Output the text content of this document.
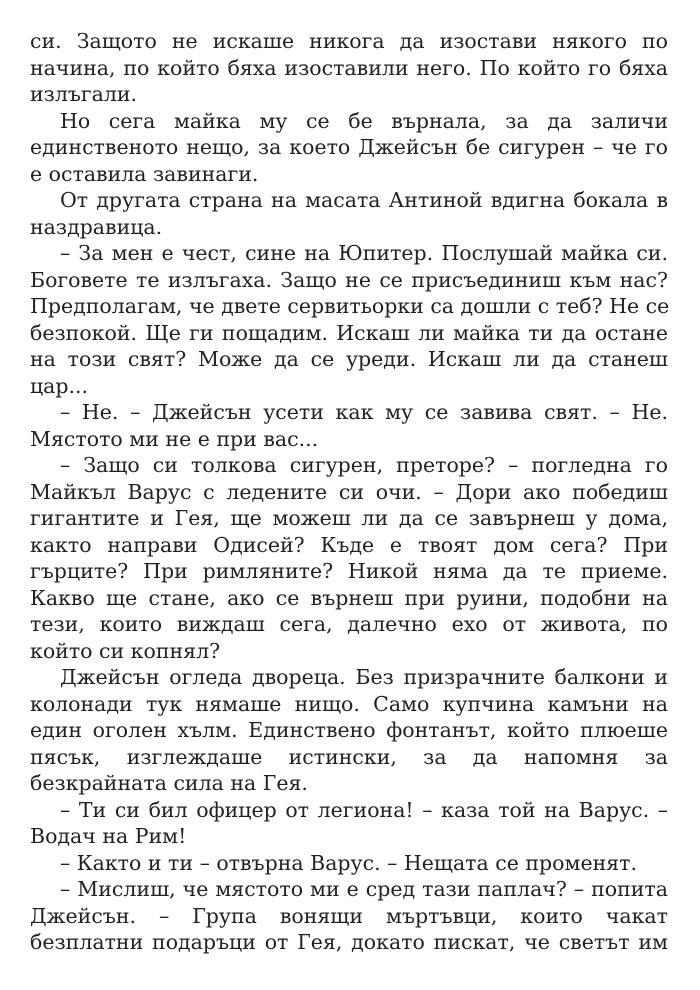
си. Защото не искаше никога да изостави някого по
начина, по който бяха изоставили него. По който го бяха
излъгали.
Но сега майка му се бе върнала, за да заличи
единственото нещо, за което Джейсън бе сигурен – че го
е оставила завинаги.
От другата страна на масата Антиной вдигна бокала в
наздравица.
– За мен е чест, сине на Юпитер. Послушай майка си.
Боговете те излъгаха. Защо не се присъединиш към нас?
Предполагам, че двете сервитьорки са дошли с теб? Не се
безпокой. Ще ги пощадим. Искаш ли майка ти да остане
на този свят? Може да се уреди. Искаш ли да станеш
цар...
– Не. – Джейсън усети как му се завива свят. – Не.
Мястото ми не е при вас...
– Защо си толкова сигурен, преторе? – погледна го
Майкъл Варус с ледените си очи. – Дори ако победиш
гигантите и Гея, ще можеш ли да се завърнеш у дома,
както направи Одисей? Къде е твоят дом сега? При
гърците? При римляните? Никой няма да те приеме.
Какво ще стане, ако се върнеш при руини, подобни на
тези, които виждаш сега, далечно ехо от живота, по
който си копнял?
Джейсън огледа двореца. Без призрачните балкони и
колонади тук нямаше нищо. Само купчина камъни на
един оголен хълм. Единствено фонтанът, който плюеше
пясък, изглеждаше истински, за да напомня за
безкрайната сила на Гея.
– Ти си бил офицер от легиона! – каза той на Варус. –
Водач на Рим!
– Както и ти – отвърна Варус. – Нещата се променят.
– Мислиш, че мястото ми е сред тази паплач? – попита
Джейсън. – Група вонящи мъртъвци, които чакат
безплатни подаръци от Гея, докато пискат, че светът им
